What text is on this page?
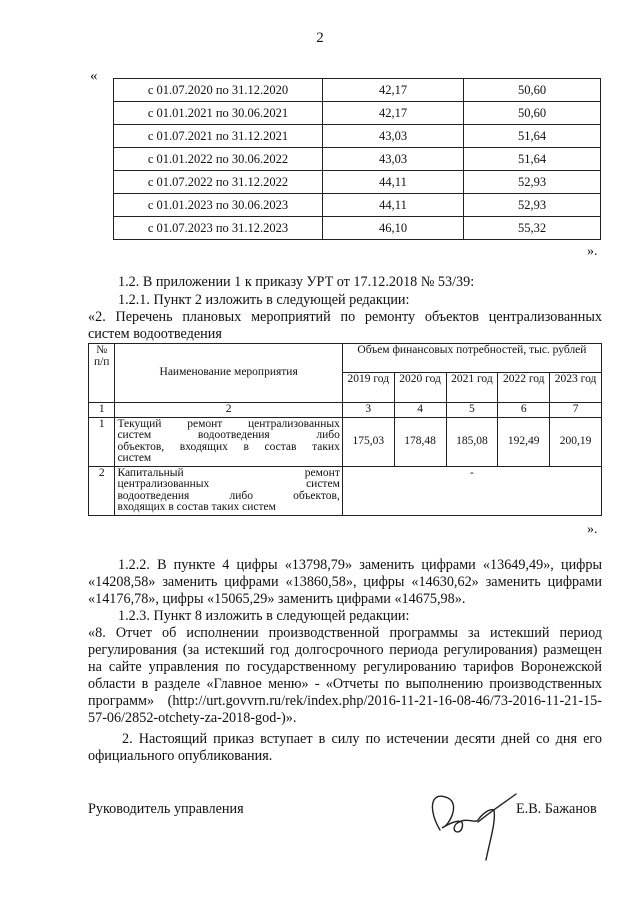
2
«
с 01.07.2020 по 31.12.2020	42,17	50,60
с 01.01.2021 по 30.06.2021	42,17	50,60
с 01.07.2021 по 31.12.2021	43,03	51,64
с 01.01.2022 по 30.06.2022	43,03	51,64
с 01.07.2022 по 31.12.2022	44,11	52,93
с 01.01.2023 по 30.06.2023	44,11	52,93
с 01.07.2023 по 31.12.2023	46,10	55,32
».
1.2. В приложении 1 к приказу УРТ от 17.12.2018 № 53/39:
1.2.1. Пункт 2 изложить в следующей редакции:
«2. Перечень плановых мероприятий по ремонту объектов централизованных систем водоотведения
№ п/п	Наименование мероприятия	Объем финансовых потребностей, тыс. рублей				
		2019 год	2020 год	2021 год	2022 год	2023 год
1	2	3	4	5	6	7
1	Текущий ремонт централизованных
систем водоотведения либо
объектов, входящих в состав таких
систем	175,03	178,48	185,08	192,49	200,19
2	Капитальный ремонт
централизованных систем
водоотведения либо объектов,
входящих в состав таких систем	-				
».
1.2.2. В пункте 4 цифры «13798,79» заменить цифрами «13649,49», цифры «14208,58» заменить цифрами «13860,58», цифры «14630,62» заменить цифрами «14176,78», цифры «15065,29» заменить цифрами «14675,98».
1.2.3. Пункт 8 изложить в следующей редакции:
«8. Отчет об исполнении производственной программы за истекший период регулирования (за истекший год долгосрочного периода регулирования) размещен на сайте управления по государственному регулированию тарифов Воронежской области в разделе «Главное меню» - «Отчеты по выполнению производственных программ» (http://urt.govvrn.ru/rek/index.php/2016-11-21-16-08-46/73-2016-11-21-15-57-06/2852-otchety-za-2018-god-)».
2. Настоящий приказ вступает в силу по истечении десяти дней со дня его официального опубликования.
Руководитель управления	Е.В. Бажанов
